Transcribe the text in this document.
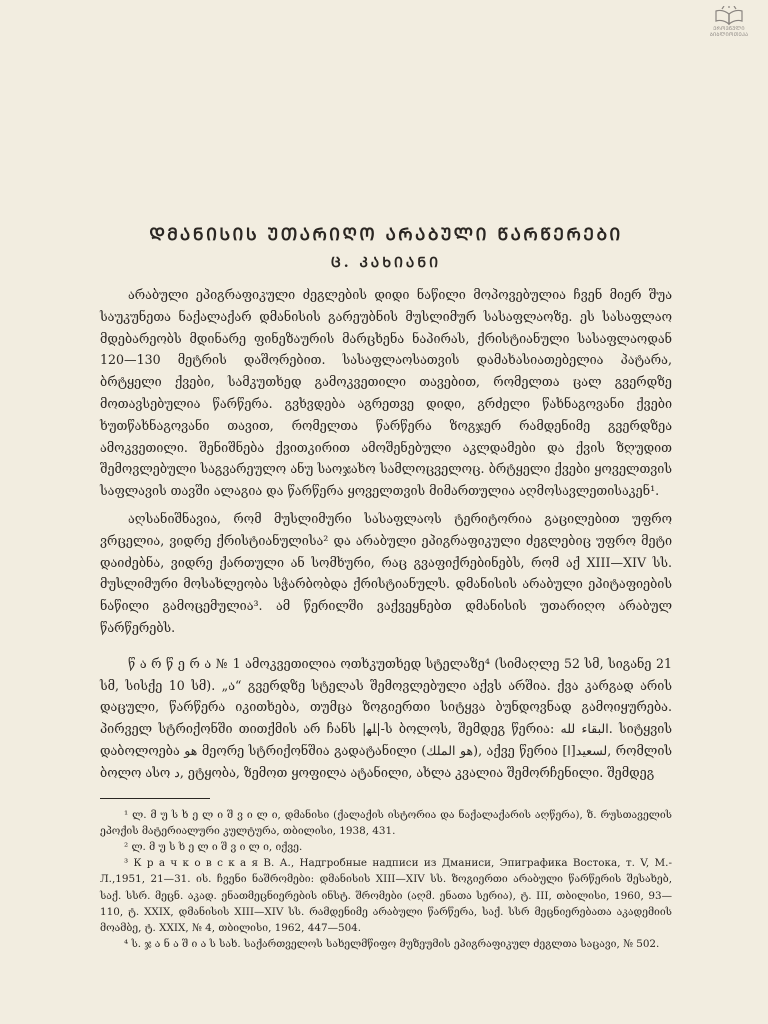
ᲔᲠᲝᲕᲜᲣᲚᲘ ᲑᲘᲑᲚᲘᲝᲗᲔᲙᲐ
ᲓᲛᲐᲜᲘᲡᲘᲡ ᲣᲗᲐᲠᲘᲦᲝ ᲐᲠᲐᲑᲣᲚᲘ ᲬᲐᲠᲬᲔᲠᲔᲑᲘ
Ც. ᲙᲐᲮᲘᲐᲜᲘ

არაბული ეპიგრაფიკული ძეგლების დიდი ნაწილი მოპოვებულია ჩვენ მიერ შუა საუკუნეთა ნაქალაქარ დმანისის გარეუბნის მუსლიმურ სასაფლაოზე. ეს სასაფლაო მდებარეობს მდინარე ფინეზაურის მარცხენა ნაპირას, ქრისტიანული სასაფლაოდან 120—130 მეტრის დაშორებით. სასაფლაოსათვის დამახასიათებელია პატარა, ბრტყელი ქვები, სამკუთხედ გამოკვეთილი თავებით, რომელთა ცალ გვერდზე მოთავსებულია წარწერა. გვხვდება აგრეთვე დიდი, გრძელი წახნაგოვანი ქვები ხუთწახნაგოვანი თავით, რომელთა წარწერა ზოგჯერ რამდენიმე გვერდზეა ამოკვეთილი. შენიშნება ქვითკირით ამოშენებული აკლდამები და ქვის ზღუდით შემოვლებული საგვარეულო ანუ საოჯახო სამლოცველოც. ბრტყელი ქვები ყოველთვის საფლავის თავში ალაგია და წარწერა ყოველთვის მიმართულია აღმოსავლეთისაკენ¹.

აღსანიშნავია, რომ მუსლიმური სასაფლაოს ტერიტორია გაცილებით უფრო ვრცელია, ვიდრე ქრისტიანულისა² და არაბული ეპიგრაფიკული ძეგლებიც უფრო მეტი დაიძებნა, ვიდრე ქართული ან სომხური, რაც გვაფიქრებინებს, რომ აქ XIII—XIV სს. მუსლიმური მოსახლეობა სჭარბობდა ქრისტიანულს. დმანისის არაბული ეპიტაფიების ნაწილი გამოცემულია³. ამ წერილში ვაქვეყნებთ დმანისის უთარიღო არაბულ წარწერებს.

წ ა რ წ ე რ ა № 1 ამოკვეთილია ოთხკუთხედ სტელაზე⁴ (სიმაღლე 52 სმ, სიგანე 21 სმ, სისქე 10 სმ). „ა“ გვერდზე სტელას შემოვლებული აქვს არშია. ქვა კარგად არის დაცული, წარწერა იკითხება, თუმცა ზოგიერთი სიტყვა ბუნდოვნად გამოიყურება. პირველ სტრიქონში თითქმის არ ჩანს |ﻠﻬ|-ს ბოლოს, შემდეგ წერია: ﺍﻟﺒﻘﺎﺀ ﻟﻠﻪ. სიტყვის დაბოლოება ﻫﻮ მეორე სტრიქონშია გადატანილი (ﻫﻮ ﺍﻟﻤﻠﻚ), აქვე წერია [ﺍ]ﻟﺴﻌﻴﺪ, რომლის ბოლო ასო ﺩ, ეტყობა, ზემოთ ყოფილა ატანილი, ახლა კვალია შემორჩენილი. შემდეგ

¹ ლ. მ უ ს ხ ე ლ ი შ ვ ი ლ ი, დმანისი (ქალაქის ისტორია და ნაქალაქარის აღწერა), ზ. რუსთაველის ეპოქის მატერიალური კულტურა, თბილისი, 1938, 431.

² ლ. მ უ ს ხ ე ლ ი შ ვ ი ლ ი, იქვე.

³ К р а ч к о в с к а я В. А., Надгробные надписи из Дманиси, Эпиграфика Востока, т. V, М.-Л.,1951, 21—31. ის. ჩვენი ნაშრომები: დმანისის XIII—XIV სს. ზოგიერთი არაბული წარწერის შესახებ, საქ. სსრ. მეცნ. აკად. ენათმეცნიერების ინსტ. შრომები (აღმ. ენათა სერია), ტ. III, თბილისი, 1960, 93—110, ტ. XXIX, დმანისის XIII—XIV სს. რამდენიმე არაბული წარწერა, საქ. სსრ მეცნიერებათა აკადემიის მოამბე, ტ. XXIX, № 4, თბილისი, 1962, 447—504.

⁴ ს. ჯ ა ნ ა შ ი ა ს სახ. საქართველოს სახელმწიფო მუზეუმის ეპიგრაფიკულ ძეგლთა საცავი, № 502.
